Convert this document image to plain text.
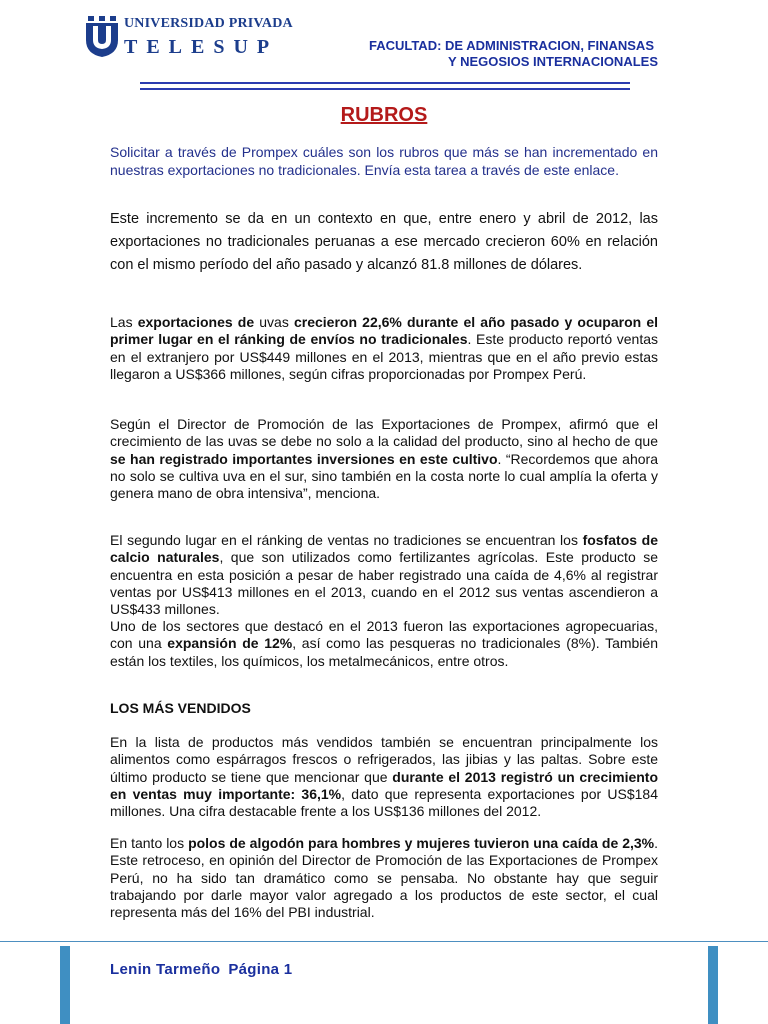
UNIVERSIDAD PRIVADA
TELESUP	FACULTAD: DE ADMINISTRACION, FINANSAS
Y NEGOSIOS INTERNACIONALES
RUBROS

Solicitar a través de Prompex cuáles son los rubros que más se han incrementado en nuestras exportaciones no tradicionales. Envía esta tarea a través de este enlace.

Este incremento se da en un contexto en que, entre enero y abril de 2012, las exportaciones no tradicionales peruanas a ese mercado crecieron 60% en relación con el mismo período del año pasado y alcanzó 81.8 millones de dólares.

Las exportaciones de uvas crecieron 22,6% durante el año pasado y ocuparon el primer lugar en el ránking de envíos no tradicionales. Este producto reportó ventas en el extranjero por US$449 millones en el 2013, mientras que en el año previo estas llegaron a US$366 millones, según cifras proporcionadas por Prompex Perú.

Según el Director de Promoción de las Exportaciones de Prompex, afirmó que el crecimiento de las uvas se debe no solo a la calidad del producto, sino al hecho de que se han registrado importantes inversiones en este cultivo. “Recordemos que ahora no solo se cultiva uva en el sur, sino también en la costa norte lo cual amplía la oferta y genera mano de obra intensiva”, menciona.

El segundo lugar en el ránking de ventas no tradiciones se encuentran los fosfatos de calcio naturales, que son utilizados como fertilizantes agrícolas. Este producto se encuentra en esta posición a pesar de haber registrado una caída de 4,6% al registrar ventas por US$413 millones en el 2013, cuando en el 2012 sus ventas ascendieron a US$433 millones.

Uno de los sectores que destacó en el 2013 fueron las exportaciones agropecuarias, con una expansión de 12%, así como las pesqueras no tradicionales (8%). También están los textiles, los químicos, los metalmecánicos, entre otros.

LOS MÁS VENDIDOS

En la lista de productos más vendidos también se encuentran principalmente los alimentos como espárragos frescos o refrigerados, las jibias y las paltas. Sobre este último producto se tiene que mencionar que durante el 2013 registró un crecimiento en ventas muy importante: 36,1%, dato que representa exportaciones por US$184 millones. Una cifra destacable frente a los US$136 millones del 2012.

En tanto los polos de algodón para hombres y mujeres tuvieron una caída de 2,3%. Este retroceso, en opinión del Director de Promoción de las Exportaciones de Prompex Perú, no ha sido tan dramático como se pensaba. No obstante hay que seguir trabajando por darle mayor valor agregado a los productos de este sector, el cual representa más del 16% del PBI industrial.

Lenin Tarmeño Página 1
